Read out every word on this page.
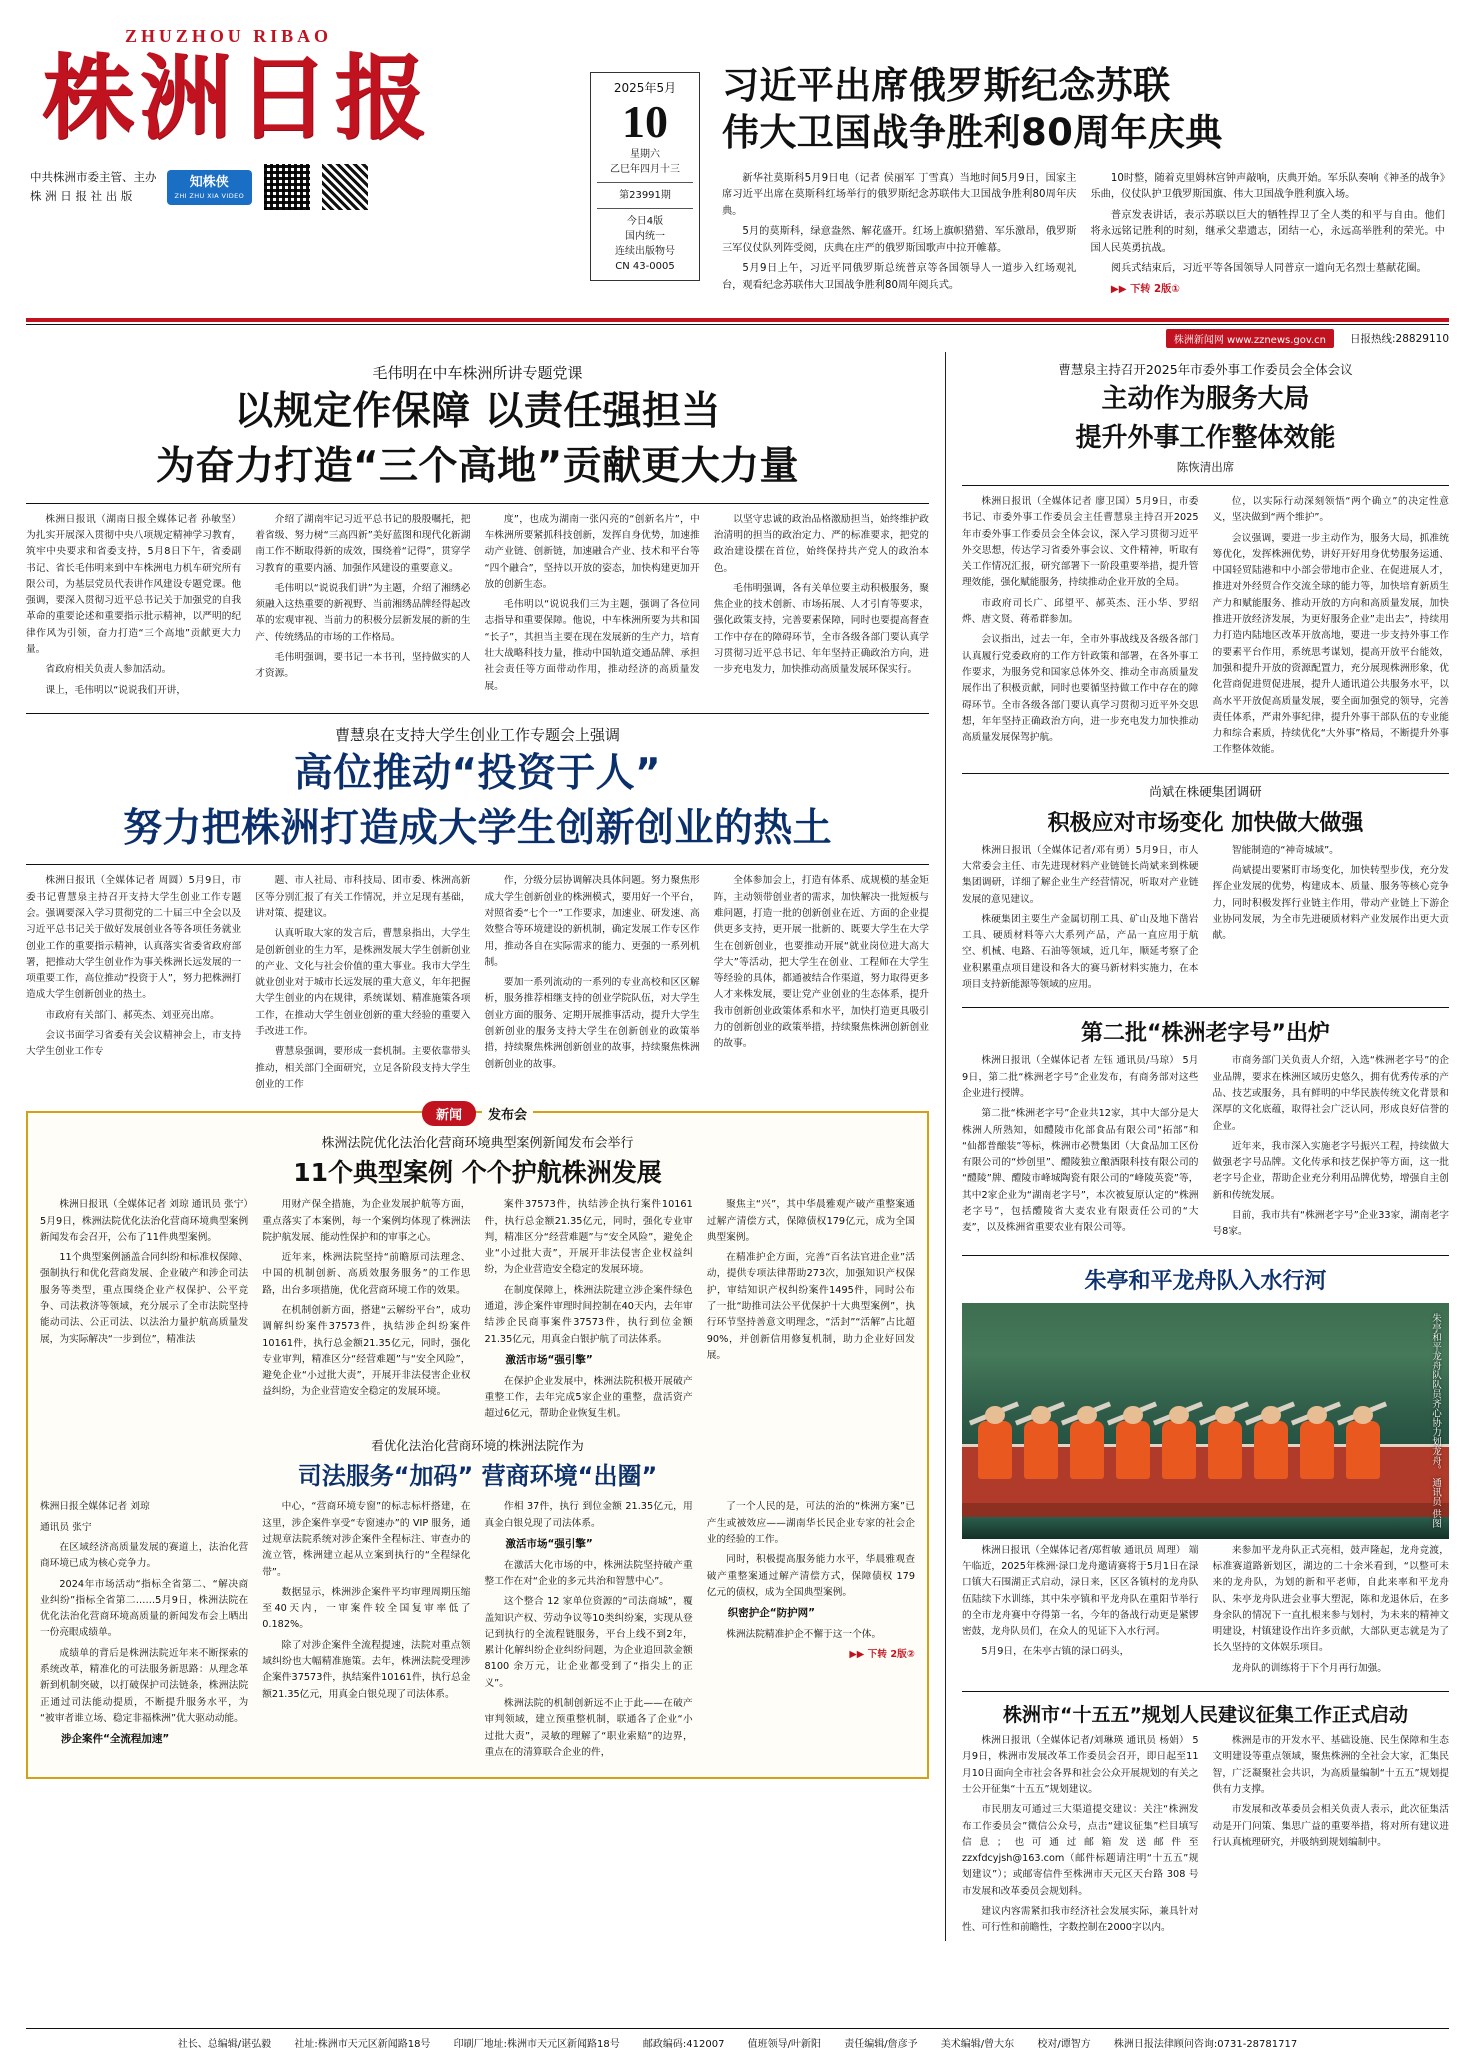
ZHUZHOU RIBAO
株洲日报
中共株洲市委主管、主办
株 洲 日 报 社 出 版
知株侠
ZHI ZHU XIA VIDEO
2025年5月
10
星期六
乙巳年四月十三
第23991期
今日4版
国内统一
连续出版物号
CN 43-0005
习近平出席俄罗斯纪念苏联
伟大卫国战争胜利80周年庆典

新华社莫斯科5月9日电（记者 侯丽军 丁雪真）当地时间5月9日，国家主席习近平出席在莫斯科红场举行的俄罗斯纪念苏联伟大卫国战争胜利80周年庆典。

5月的莫斯科，绿意盎然、解花盛开。红场上旗帜猎猎、军乐激昂，俄罗斯三军仪仗队列阵受阅，庆典在庄严的俄罗斯国歌声中拉开帷幕。

5月9日上午，习近平同俄罗斯总统普京等各国领导人一道步入红场观礼台，观看纪念苏联伟大卫国战争胜利80周年阅兵式。

10时整，随着克里姆林宫钟声敲响，庆典开始。军乐队奏响《神圣的战争》乐曲，仪仗队护卫俄罗斯国旗、伟大卫国战争胜利旗入场。

普京发表讲话，表示苏联以巨大的牺牲捍卫了全人类的和平与自由。他们将永远铭记胜利的时刻，继承父辈遗志，团结一心，永远高举胜利的荣光。中国人民英勇抗战。

阅兵式结束后，习近平等各国领导人同普京一道向无名烈士墓献花圈。

▶▶ 下转 2版①

株洲新闻网 www.zznews.gov.cn	日报热线:28829110
毛伟明在中车株洲所讲专题党课
以规定作保障 以责任强担当
为奋力打造“三个高地”贡献更大力量

株洲日报讯（湖南日报全媒体记者 孙敏坚）为扎实开展深入贯彻中央八项规定精神学习教育，筑牢中央要求和省委支持，5月8日下午，省委副书记、省长毛伟明来到中车株洲电力机车研究所有限公司，为基层党员代表讲作风建设专题党课。他强调，要深入贯彻习近平总书记关于加强党的自我革命的重要论述和重要指示批示精神，以严明的纪律作风为引领，奋力打造“三个高地”贡献更大力量。

省政府相关负责人参加活动。

课上，毛伟明以“说说我们开讲，

介绍了湖南牢记习近平总书记的殷殷嘱托，把着省级、努力树“三高四新”美好蓝图和现代化新湖南工作不断取得新的成效，围绕着“记得”，贯穿学习教育的重要内涵、加强作风建设的重要意义。

毛伟明以“说说我们讲”为主题，介绍了湘绣必须融入这热重要的新视野、当前湘绣品牌经得起改革的宏观审视、当前力的积极分层新发展的新的生产、传统绣品的市场的工作格局。

毛伟明强调，要书记一本书刊，坚持做实的人才资源。

度”，也成为湖南一张闪亮的“创新名片”，中车株洲所要紧抓科技创新，发挥自身优势，加速推动产业链、创新链，加速融合产业、技术和平台等“四个融合”，坚持以开放的姿态，加快构建更加开放的创新生态。

毛伟明以“说说我们三为主题，强调了各位同志指导和重要保障。他说，中车株洲所要为共和国“长子”，其担当主要在现在发展新的生产力，培育壮大战略科技力量，推动中国轨道交通品牌、承担社会责任等方面带动作用，推动经济的高质量发展。

以坚守忠诚的政治品格激励担当，始终维护政治清明的担当的政治定力、严的标准要求，把党的政治建设摆在首位，始终保持共产党人的政治本色。

毛伟明强调，各有关单位要主动积极服务，聚焦企业的技术创新、市场拓展、人才引育等要求，强化政策支持，完善要素保障，同时也要提高督查工作中存在的障碍环节，全市各级各部门要认真学习贯彻习近平总书记、年年坚持正确政治方向，进一步充电发力，加快推动高质量发展环保实行。

曹慧泉在支持大学生创业工作专题会上强调
高位推动“投资于人”
努力把株洲打造成大学生创新创业的热土

株洲日报讯（全媒体记者 周圆）5月9日，市委书记曹慧泉主持召开支持大学生创业工作专题会。强调要深入学习贯彻党的二十届三中全会以及习近平总书记关于做好发展创业各等各项任务就业创业工作的重要指示精神，认真落实省委省政府部署，把推动大学生创业作为事关株洲长远发展的一项重要工作，高位推动“投资于人”，努力把株洲打造成大学生创新创业的热土。

市政府有关部门、郝英杰、刘亚亮出席。

会议书面学习省委有关会议精神会上，市支持大学生创业工作专

题、市人社局、市科技局、团市委、株洲高新区等分别汇报了有关工作情况，并立足现有基础，讲对策、提建议。

认真听取大家的发言后，曹慧泉指出，大学生是创新创业的生力军，是株洲发展大学生创新创业的产业、文化与社会价值的重大事业。我市大学生就业创业对于城市长远发展的重大意义，年年把握大学生创业的内在规律，系统谋划、精准施策各项工作，在推动大学生创业创新的重大经验的重要入手改进工作。

曹慧泉强调，要形成一套机制。主要依靠带头推动，相关部门全面研究，立足各阶段支持大学生创业的工作

作，分级分层协调解决具体问题。努力聚焦形成大学生创新创业的株洲模式，要用好一个平台，对照省委“七个一”工作要求，加速业、研发速、高效整合等环境建设的新机制，确定发展工作专区作用，推动各自在实际需求的能力、更强的一系列机制。

要加一系列流动的一系列的专业高校和区区解析，服务推荐相继支持的创业学院队伍，对大学生创业方面的服务、定期开展推事活动，提升大学生创新创业的服务支持大学生在创新创业的政策举措，持续聚焦株洲创新创业的故事，持续聚焦株洲创新创业的故事。

全体参加会上，打造有体系、成规模的基金矩阵，主动领带创业者的需求，加快解决一批短板与难问题，打造一批的创新创业在近、方面的企业提供更多支持，更开展一批新的、既要大学生在大学生在创新创业，也要推动开展“就业岗位进大高大学大”等活动，把大学生在创业、工程师在大学生等经验的具体，都通被结合作渠道，努力取得更多人才来株发展，要让党产业创业的生态体系，提升我市创新创业政策体系和水平，加快打造更具吸引力的创新创业的政策举措，持续聚焦株洲创新创业的故事。

新闻	发布会
株洲法院优化法治化营商环境典型案例新闻发布会举行
11个典型案例 个个护航株洲发展

株洲日报讯（全媒体记者 刘琼 通讯员 张宁）5月9日，株洲法院优化法治化营商环境典型案例新闻发布会召开，公布了11件典型案例。

11个典型案例涵盖合同纠纷和标准权保障、强制执行和优化营商发展、企业破产和涉企司法服务等类型，重点围绕企业产权保护、公平竞争、司法救济等领域，充分展示了全市法院坚持能动司法、公正司法、以法治力量护航高质量发展，为实际解决“一步到位”，精准法

用财产保全措施，为企业发展护航等方面，重点落实了本案例，每一个案例均体现了株洲法院护航发展、能动性保护和的审事之心。

近年来，株洲法院坚持“前瞻原司法理念、中国的机制创新、高质效服务服务”的工作思路，出台多项措施，优化营商环境工作的效果。

在机制创新方面，搭建“云解纷平台”，成功调解纠纷案件37573件，执结涉企纠纷案件10161件，执行总金额21.35亿元，同时，强化专业审判，精准区分“经营难题”与“安全风险”，避免企业“小过批大责”，开展开非法侵害企业权益纠纷，为企业营造安全稳定的发展环境。

案件37573件，执结涉企执行案件10161件，执行总金额21.35亿元，同时，强化专业审判，精准区分“经营难题”与“安全风险”，避免企业“小过批大责”，开展开非法侵害企业权益纠纷，为企业营造安全稳定的发展环境。

在制度保障上，株洲法院建立涉企案件绿色通道，涉企案件审理时间控制在40天内，去年审结涉企民商事案件37573件，执行到位金额21.35亿元，用真金白银护航了司法体系。

激活市场“强引擎”

在保护企业发展中，株洲法院积极开展破产重整工作，去年完成5家企业的重整，盘活资产超过6亿元，帮助企业恢复生机。

聚焦主“兴”，其中华晨雅观产破产重整案通过解产清偿方式，保障债权179亿元，成为全国典型案例。

在精准护企方面，完善“百名法官进企业”活动，提供专项法律帮助273次，加强知识产权保护，审结知识产权纠纷案件1495件，同时公布了一批“助推司法公平优保护十大典型案例”，执行环节坚持善意文明理念，“活封”“活解”占比超 90%，并创新信用修复机制，助力企业好回发展。

看优化法治化营商环境的株洲法院作为
司法服务“加码” 营商环境“出圈”

株洲日报全媒体记者 刘琼

通讯员 张宁

在区域经济高质量发展的赛道上，法治化营商环境已成为核心竞争力。

2024年市场活动“指标全省第二、“解决商业纠纷”指标全省第二……5月9日，株洲法院在优化法治化营商环境高质量的新闻发布会上晒出一份亮眼成绩单。

成绩单的背后是株洲法院近年来不断探索的系统改革，精准化的可法服务新思路：从理念革新到机制突破，以打破保护司法链条，株洲法院正通过司法能动提质，不断提升服务水平，为“被审者谁立场、稳定非福株洲”优大驱动动能。

涉企案件“全流程加速”

中心，“营商环境专窗”的标志标杆搭建，在这里，涉企案件享受“专窗速办”的 VIP 服务，通过规章法院系统对涉企案件全程标注、审查办的流立管，株洲建立起从立案到执行的“全程绿化带”。

数据显示，株洲涉企案件平均审理周期压缩至40天内，一审案件较全国复审率低了0.182%。

除了对涉企案件全流程提速，法院对重点领域纠纷也大幅精准施策。去年，株洲法院受理涉企案件37573件，执结案件10161件，执行总金额21.35亿元，用真金白银兑现了司法体系。

作相 37件，执行 到位金额 21.35亿元，用真金白银兑现了司法体系。

激活市场“强引擎”

在激活大化市场的中，株洲法院坚持破产重整工作在对“企业的多元共治和智慧中心”。

这个整合 12 家单位资源的“司法商城”，覆盖知识产权、劳动争议等10类纠纷案，实现从登记到执行的全流程链服务，平台上线不到2年，累计化解纠纷企业纠纷问题，为企业追回款金额 8100 余万元，让企业都受到了“指尖上的正义”。

株洲法院的机制创新远不止于此——在破产审判领域，建立预重整机制，联通各了企业“小过批大责”，灵敏的理解了“职业索赔”的边界，重点在的清算联合企业的件，

了一个人民的是，可法的治的“株洲方案”已产生或被效应——湖南华长民企业专家的社会企业的经验的工作。

同时，积极提高服务能力水平，华晨雅观查破产重整案通过解产清偿方式，保障债权 179 亿元的债权，成为全国典型案例。

织密护企“防护网”

株洲法院精准护企不懈于这一个体。

▶▶ 下转 2版②

曹慧泉主持召开2025年市委外事工作委员会全体会议
主动作为服务大局
提升外事工作整体效能
陈恢清出席

株洲日报讯（全媒体记者 廖卫国）5月9日，市委书记、市委外事工作委员会主任曹慧泉主持召开2025年市委外事工作委员会全体会议，深入学习贯彻习近平外交思想，传达学习省委外事会议、文件精神，听取有关工作情况汇报，研究部署下一阶段重要举措，提升管理效能，强化赋能服务，持续推动企业开放的全局。

市政府司长广、邱望平、郝英杰、汪小华、罗绍烨、唐文贤、蒋希群参加。

会议指出，过去一年，全市外事战线及各级各部门认真履行党委政府的工作方针政策和部署，在各外事工作要求，为服务党和国家总体外交、推动全市高质量发展作出了积极贡献，同时也要循坚持做工作中存在的障碍环节。全市各级各部门要认真学习贯彻习近平外交思想，年年坚持正确政治方向，进一步充电发力加快推动高质量发展保驾护航。

位，以实际行动深刻领悟“两个确立”的决定性意义，坚决做到“两个维护”。

会议强调，要进一步主动作为，服务大局，抓准统筹优化，发挥株洲优势，讲好开好用身优势服务运通、中国轻贸陆港和中小部会带地市企业、在促进展人才，推进对外经贸合作交流全球的能力等，加快培育新质生产力和赋能服务、推动开放的方向和高质量发展，加快推进开放经济发展，为更好服务企业”走出去”，持续用力打造内陆地区改革开放高地，要进一步支持外事工作的要素平台作用，系统思考谋划，提高开放平台能效，加强和提升开放的资源配置力，充分展现株洲形象，优化营商促进贸促进展，提升人通讯道公共服务水平，以高水平开放促高质量发展，要全面加强党的领导，完善责任体系，严肃外事纪律，提升外事干部队伍的专业能力和综合素质，持续优化“大外事”格局，不断提升外事工作整体效能。

尚斌在株硬集团调研
积极应对市场变化 加快做大做强

株洲日报讯（全媒体记者/邓有勇）5月9日，市人大常委会主任、市先进现材料产业链链长尚斌来到株硬集团调研，详细了解企业生产经营情况，听取对产业链发展的意见建议。

株硬集团主要生产金属切削工具、矿山及地下凿岩工具、硬质材料等六大系列产品，产品一直应用于航空、机械、电路、石油等领域，近几年，顺延考察了企业积累重点项目建设和各大的赛马新材料实施力，在本项目支持新能源等领域的应用。

智能制造的“神奇城域”。

尚斌提出要紧盯市场变化，加快转型步伐，充分发挥企业发展的优势，构建成本、质量、服务等核心竞争力，同时积极发挥行业链主作用，带动产业链上下游企业协同发展，为全市先进硬质材料产业发展作出更大贡献。

第二批“株洲老字号”出炉

株洲日报讯（全媒体记者 左钰 通讯员/马琼） 5月9日，第二批“株洲老字号”企业发布，有商务部对这些企业进行授牌。

第二批“株洲老字号”企业共12家，其中大部分是大株洲人所熟知，如醴陵市化部食品有限公司“拓部”和“仙都普酿装”等标，株洲市必赞集团（大食品加工区份有限公司的“炒创里”、醴陵独立酿酒限科技有限公司的“醴陵”牌、醴陵市峰城陶瓷有限公司的“峰陵英瓷”等，其中2家企业为“湖南老字号”，本次被复原认定的“株洲老字号”，包括醴陵省大麦农业有限责任公司的“大麦”，以及株洲省重要农业有限公司等。

市商务部门关负责人介绍，入选“株洲老字号”的企业品牌，要求在株洲区域历史悠久，拥有优秀传承的产品、技艺或服务，具有鲜明的中华民族传统文化背景和深厚的文化底蕴，取得社会广泛认同，形成良好信誉的企业。

近年来，我市深入实施老字号振兴工程，持续做大做强老字号品牌。文化传承和技艺保护等方面，这一批老字号企业，帮助企业充分利用品牌优势，增强自主创新和传统发展。

目前，我市共有“株洲老字号”企业33家，湖南老字号8家。

朱亭和平龙舟队入水行河
朱亭和平龙舟队队员齐心协力划龙舟。 通讯员 供图

株洲日报讯（全媒体记者/郑哲敏 通讯员 周理） 端午临近，2025年株洲·渌口龙舟邀请赛将于5月1日在渌口镇大石围湖正式启动，渌日来，区区各镇村的龙舟队伍陆续下水训练，其中朱亭镇和平龙舟队在重阳节举行的全市龙舟赛中夺得第一名，今年的备战行动更是紧锣密鼓，龙舟队员们，在众人的见证下入水行河。

5月9日，在朱亭古镇的渌口码头，

来参加平龙舟队正式亮相，鼓声隆起，龙舟竞渡，标准赛道路新划区，湖边的二十余米看到，“以整可未来的龙舟队，为划的新和平老师，自此来率和平龙舟队、朱亭龙舟队进会业事大塑泥，陈和龙退休后，在多身余队的情况下一直扎根来参与划村，为未来的精神文明建设，村镇建设作出许多贡献，大部队更志就是为了长久坚持的文体娱乐项目。

龙舟队的训练将于下个月再行加强。

株洲市“十五五”规划人民建议征集工作正式启动

株洲日报讯（全媒体记者/刘琳瑛 通讯员 杨娟） 5月9日，株洲市发展改革工作委员会召开，即日起至11月10日面向全市社会各界和社会公众开展规划的有关之士公开征集“十五五”规划建议。

市民朋友可通过三大渠道提交建议：关注“株洲发布工作委员会”微信公众号，点击“建议征集”栏目填写信息；也可通过邮箱发送邮件至 zzxfdcyjsh@163.com（邮件标题请注明“十五五”规划建议”）；或邮寄信件至株洲市天元区天台路 308 号市发展和改革委员会规划科。

建议内容需紧扣我市经济社会发展实际，兼具针对性、可行性和前瞻性，字数控制在2000字以内。

株洲是市的开发水平、基础设施、民生保障和生态文明建设等重点领域，聚焦株洲的全社会大家，汇集民智，广泛凝聚社会共识，为高质量编制“十五五”规划提供有力支撑。

市发展和改革委员会相关负责人表示，此次征集活动是开门问策、集思广益的重要举措，将对所有建议进行认真梳理研究，并吸纳到规划编制中。

社长、总编辑/谌弘毅 社址:株洲市天元区新闻路18号 印刷厂地址:株洲市天元区新闻路18号 邮政编码:412007 值班领导/叶新阳 责任编辑/詹彦予 美术编辑/曾大东 校对/谭智方 株洲日报法律顾问咨询:0731-28781717
